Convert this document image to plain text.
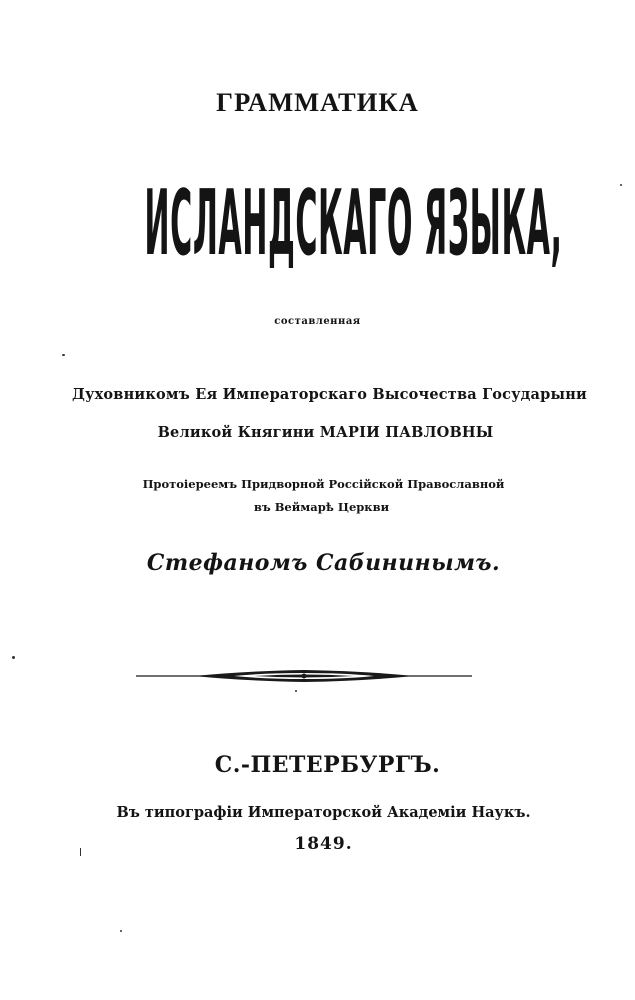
ГРАММАТИКА
ИСЛАНДСКАГО ЯЗЫКА,
составленная
Духовникомъ Ея Императорскаго Высочества Государыни
Великой Княгини МАРIИ ПАВЛОВНЫ
Протоiереемъ Придворной Россiйской Православной
въ Веймарѣ Церкви
Стефаномъ Сабининымъ.
С.-ПЕТЕРБУРГЪ.
Въ типографiи Императорской Академiи Наукъ.
1849.
